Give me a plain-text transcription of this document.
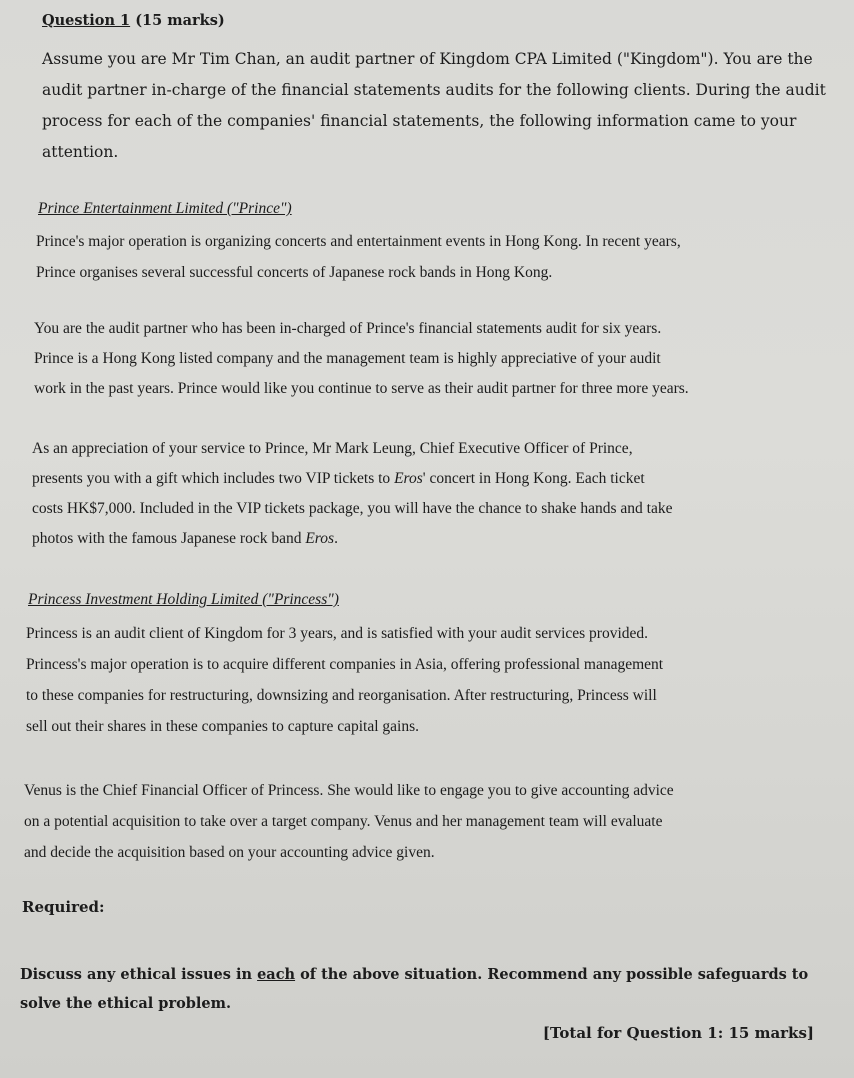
Question 1 (15 marks)

Assume you are Mr Tim Chan, an audit partner of Kingdom CPA Limited ("Kingdom"). You are the
audit partner in-charge of the financial statements audits for the following clients. During the audit
process for each of the companies' financial statements, the following information came to your
attention.

Prince Entertainment Limited ("Prince")

Prince's major operation is organizing concerts and entertainment events in Hong Kong. In recent years,
Prince organises several successful concerts of Japanese rock bands in Hong Kong.

You are the audit partner who has been in-charged of Prince's financial statements audit for six years.
Prince is a Hong Kong listed company and the management team is highly appreciative of your audit
work in the past years. Prince would like you continue to serve as their audit partner for three more years.

As an appreciation of your service to Prince, Mr Mark Leung, Chief Executive Officer of Prince,
presents you with a gift which includes two VIP tickets to Eros' concert in Hong Kong. Each ticket
costs HK$7,000. Included in the VIP tickets package, you will have the chance to shake hands and take
photos with the famous Japanese rock band Eros.

Princess Investment Holding Limited ("Princess")

Princess is an audit client of Kingdom for 3 years, and is satisfied with your audit services provided.
Princess's major operation is to acquire different companies in Asia, offering professional management
to these companies for restructuring, downsizing and reorganisation. After restructuring, Princess will
sell out their shares in these companies to capture capital gains.

Venus is the Chief Financial Officer of Princess. She would like to engage you to give accounting advice
on a potential acquisition to take over a target company. Venus and her management team will evaluate
and decide the acquisition based on your accounting advice given.

Required:
Discuss any ethical issues in each of the above situation. Recommend any possible safeguards to
solve the ethical problem.
[Total for Question 1: 15 marks]
